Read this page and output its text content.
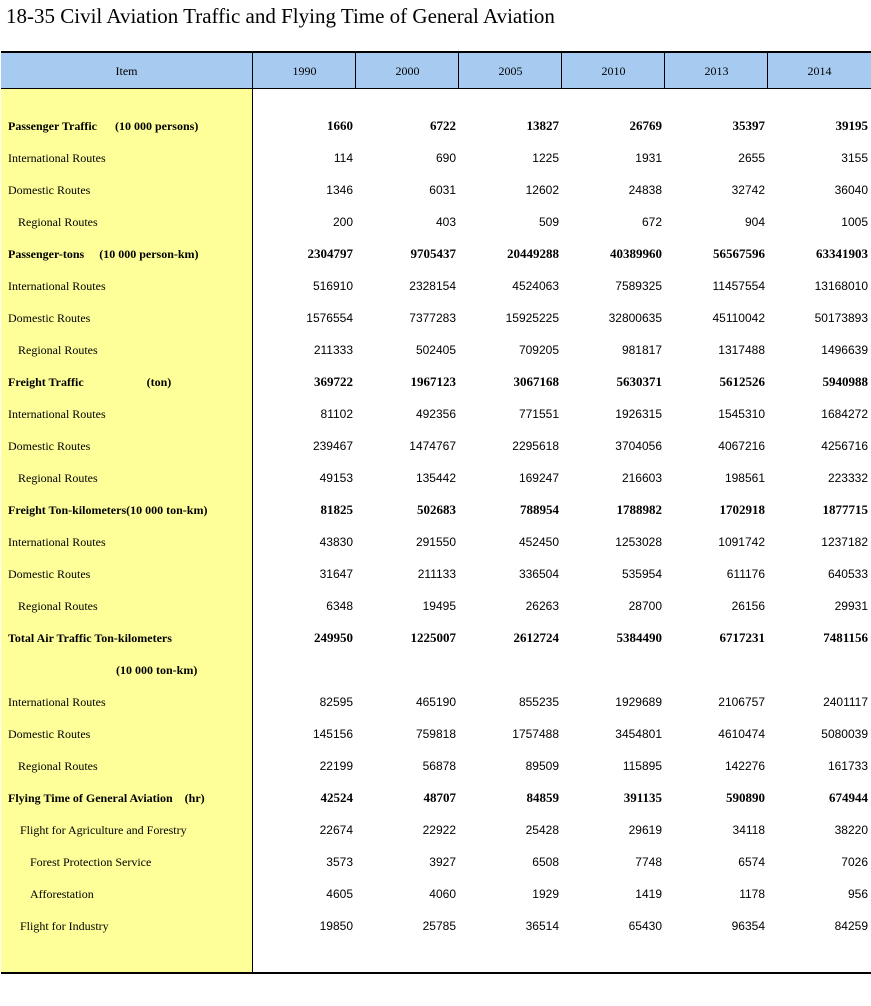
18-35 Civil Aviation Traffic and Flying Time of General Aviation
Item	1990	2000	2005	2010	2013	2014
Passenger Traffic      (10 000 persons)	1660	6722	13827	26769	35397	39195
International Routes	114	690	1225	1931	2655	3155
Domestic Routes	1346	6031	12602	24838	32742	36040
Regional Routes	200	403	509	672	904	1005
Passenger-tons     (10 000 person-km)	2304797	9705437	20449288	40389960	56567596	63341903
International Routes	516910	2328154	4524063	7589325	11457554	13168010
Domestic Routes	1576554	7377283	15925225	32800635	45110042	50173893
Regional Routes	211333	502405	709205	981817	1317488	1496639
Freight Traffic                     (ton)	369722	1967123	3067168	5630371	5612526	5940988
International Routes	81102	492356	771551	1926315	1545310	1684272
Domestic Routes	239467	1474767	2295618	3704056	4067216	4256716
Regional Routes	49153	135442	169247	216603	198561	223332
Freight Ton-kilometers(10 000 ton-km)	81825	502683	788954	1788982	1702918	1877715
International Routes	43830	291550	452450	1253028	1091742	1237182
Domestic Routes	31647	211133	336504	535954	611176	640533
Regional Routes	6348	19495	26263	28700	26156	29931
Total Air Traffic Ton-kilometers	249950	1225007	2612724	5384490	6717231	7481156
(10 000 ton-km)
International Routes	82595	465190	855235	1929689	2106757	2401117
Domestic Routes	145156	759818	1757488	3454801	4610474	5080039
Regional Routes	22199	56878	89509	115895	142276	161733
Flying Time of General Aviation    (hr)	42524	48707	84859	391135	590890	674944
Flight for Agriculture and Forestry	22674	22922	25428	29619	34118	38220
Forest Protection Service	3573	3927	6508	7748	6574	7026
Afforestation	4605	4060	1929	1419	1178	956
Flight for Industry	19850	25785	36514	65430	96354	84259
